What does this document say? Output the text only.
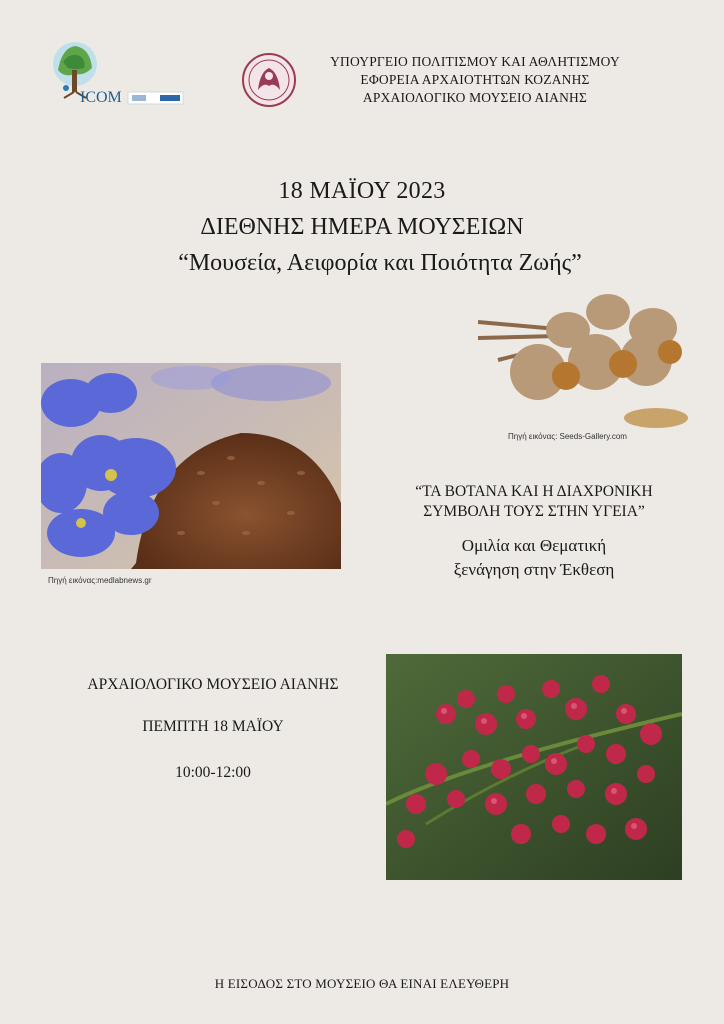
ICOM
ΥΠΟΥΡΓΕΙΟ ΠΟΛΙΤΙΣΜΟΥ ΚΑΙ ΑΘΛΗΤΙΣΜΟΥ
ΕΦΟΡΕΙΑ ΑΡΧΑΙΟΤΗΤΩΝ ΚΟΖΑΝΗΣ
ΑΡΧΑΙΟΛΟΓΙΚΟ ΜΟΥΣΕΙΟ ΑΙΑΝΗΣ
18 ΜΑΪΟΥ 2023
ΔΙΕΘΝΗΣ ΗΜΕΡΑ ΜΟΥΣΕΙΩΝ
“Μουσεία, Αειφορία και Ποιότητα Ζωής”
Πηγή εικόνας:medlabnews.gr
Πηγή εικόνας: Seeds-Gallery.com
“ΤΑ ΒΟΤΑΝΑ ΚΑΙ Η ΔΙΑΧΡΟΝΙΚΗ
ΣΥΜΒΟΛΗ ΤΟΥΣ ΣΤΗΝ ΥΓΕΙΑ”
Ομιλία και Θεματική
ξενάγηση στην Έκθεση
ΑΡΧΑΙΟΛΟΓΙΚΟ ΜΟΥΣΕΙΟ ΑΙΑΝΗΣ
ΠΕΜΠΤΗ 18 ΜΑΪΟΥ
10:00-12:00
Η ΕΙΣΟΔΟΣ ΣΤΟ ΜΟΥΣΕΙΟ ΘΑ ΕΙΝΑΙ ΕΛΕΥΘΕΡΗ
